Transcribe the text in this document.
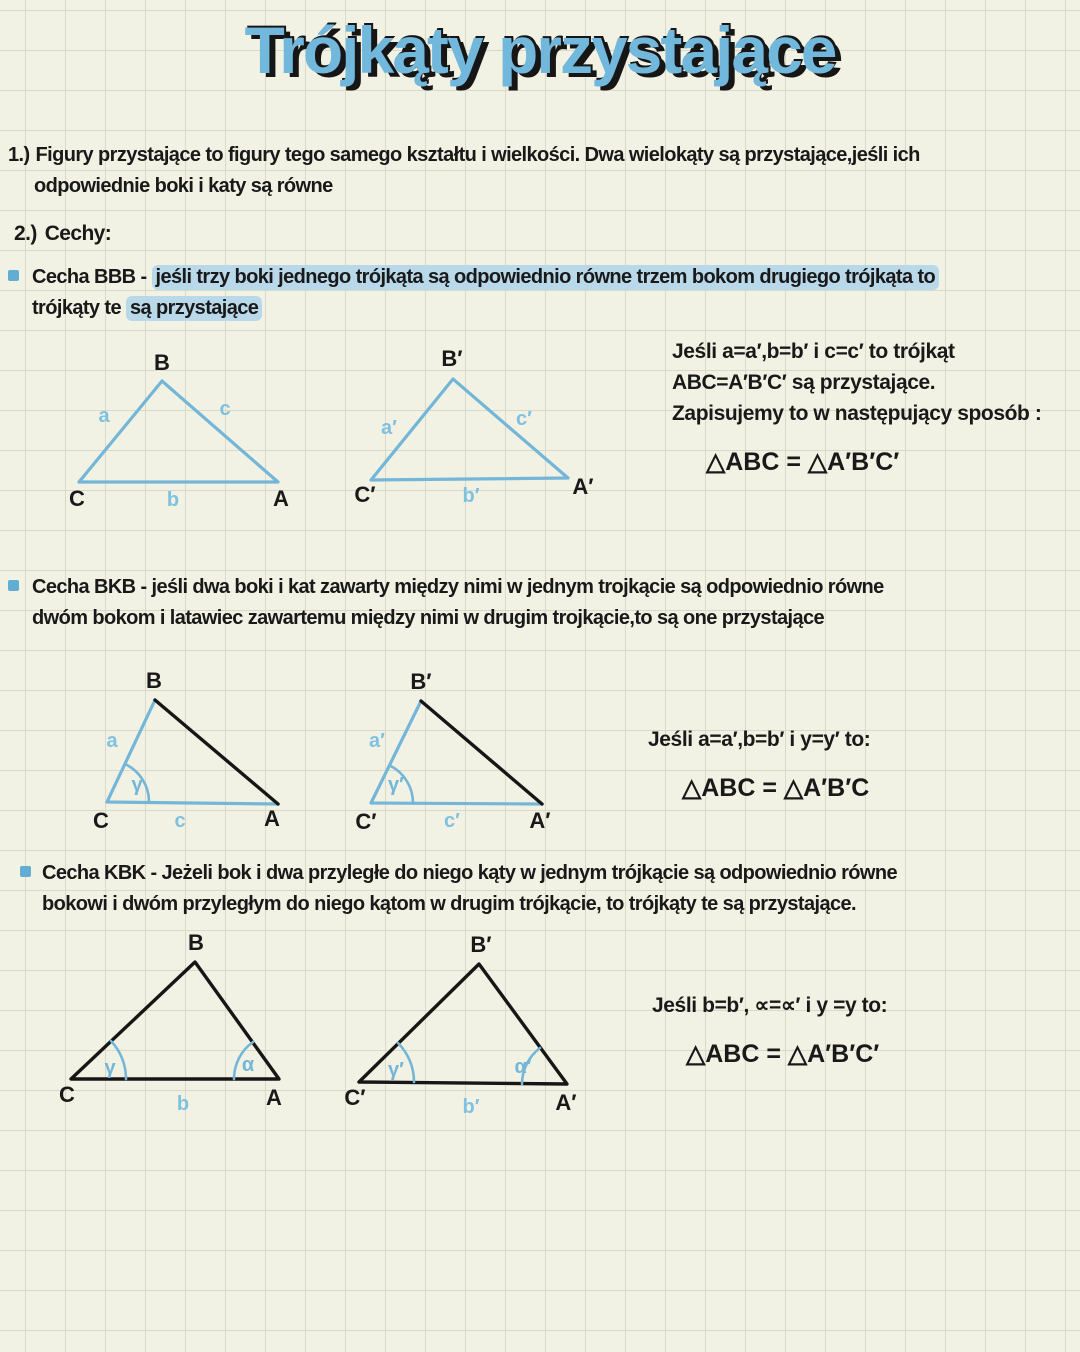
Trójkąty przystające
1.) Figury przystające to figury tego samego kształtu i wielkości. Dwa wielokąty są przystające,jeśli ich
odpowiednie boki i katy są równe
2.) Cechy:
Cecha BBB - jeśli trzy boki jednego trójkąta są odpowiednio równe trzem bokom drugiego trójkąta to
trójkąty te są przystające
B
C	A
a	c
b
B′
C′	A′
a′	c′
b′
Jeśli a=a′,b=b′ i c=c′ to trójkąt
ABC=A′B′C′ są przystające.
Zapisujemy to w następujący sposób :
△ABC = △A′B′C′
Cecha BKB - jeśli dwa boki i kat zawarty między nimi w jednym trojkącie są odpowiednio równe
dwóm bokom i latawiec zawartemu między nimi w drugim trojkącie,to są one przystające
B
C	A
a
γ
c
B′
C′	A′
a′
γ′
c′
Jeśli a=a′,b=b′ i y=y′ to:
△ABC = △A′B′C
Cecha KBK - Jeżeli bok i dwa przyległe do niego kąty w jednym trójkącie są odpowiednio równe
bokowi i dwóm przyległym do niego kątom w drugim trójkącie, to trójkąty te są przystające.
B
C	A
γ	α
b
B′
C′	A′
γ′	α′
b′
Jeśli b=b′, ∝=∝′ i y =y to:
△ABC = △A′B′C′
